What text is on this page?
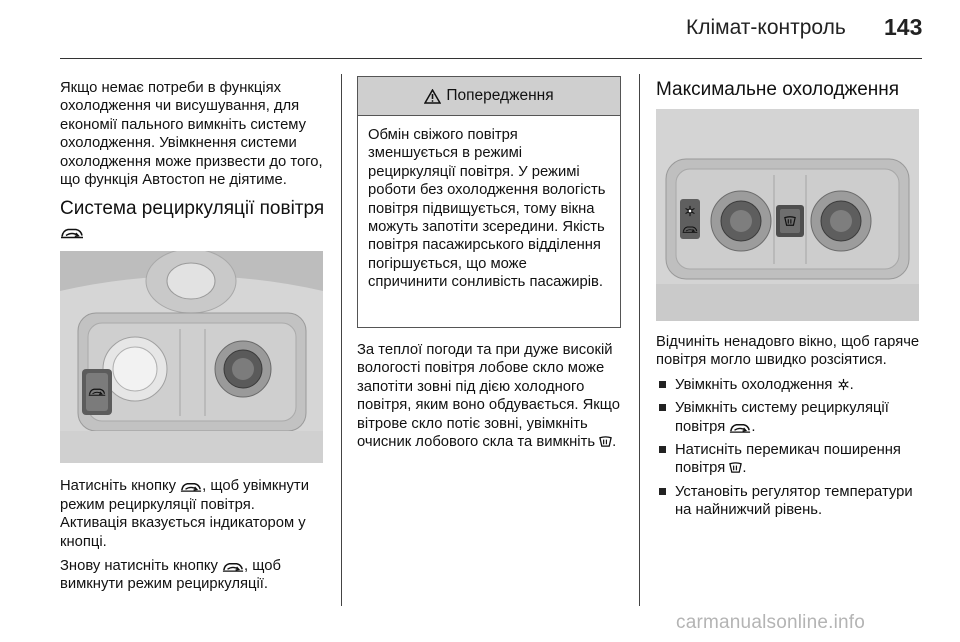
Клімат-контроль 143

Якщо немає потреби в функціях охолодження чи висушування, для економії пального вимкніть систему охолодження. Увімкнення системи охолодження може призвести до того, що функція Автостоп не діятиме.

Система рециркуляції повітря

Натисніть кнопку , щоб увімкнути режим рециркуляції повітря. Активація вказується індикатором у кнопці.

Знову натисніть кнопку , щоб вимкнути режим рециркуляції.

Попередження
Обмін свіжого повітря зменшується в режимі рециркуляції повітря. У режимі роботи без охолодження вологість повітря підвищується, тому вікна можуть запотіти зсередини. Якість повітря пасажирського відділення погіршується, що може спричинити сонливість пасажирів.

За теплої погоди та при дуже високій вологості повітря лобове скло може запотіти зовні під дією холодного повітря, яким воно обдувається. Якщо вітрове скло потіє зовні, увімкніть очисник лобового скла та вимкніть .

Максимальне охолодження

Відчиніть ненадовго вікно, щоб гаряче повітря могло швидко розсіятися.

Увімкніть охолодження .
Увімкніть систему рециркуляції повітря .
Натисніть перемикач поширення повітря .
Установіть регулятор температури на найнижчий рівень.
carmanualsonline.info
